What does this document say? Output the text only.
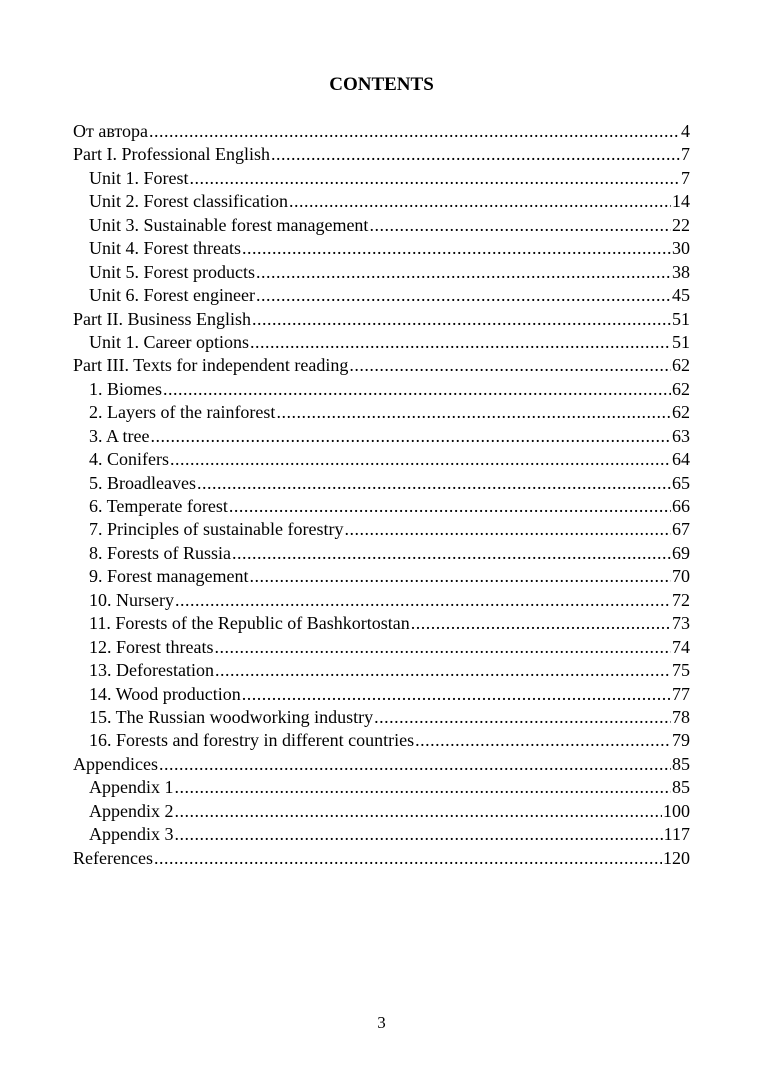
CONTENTS
От автора .....	4
Part I. Professional English .....	7
Unit 1. Forest .....	7
Unit 2. Forest classification .....	14
Unit 3. Sustainable forest management .....	22
Unit 4. Forest threats .....	30
Unit 5. Forest products .....	38
Unit 6. Forest engineer .....	45
Part II. Business English .....	51
Unit 1. Career options .....	51
Part III. Texts for independent reading .....	62
1. Biomes .....	62
2. Layers of the rainforest .....	62
3. A tree .....	63
4. Conifers .....	64
5. Broadleaves .....	65
6. Temperate forest .....	66
7. Principles of sustainable forestry .....	67
8. Forests of Russia .....	69
9. Forest management .....	70
10. Nursery .....	72
11. Forests of the Republic of Bashkortostan .....	73
12. Forest threats .....	74
13. Deforestation .....	75
14. Wood production .....	77
15. The Russian woodworking industry .....	78
16. Forests and forestry in different countries .....	79
Appendices .....	85
Appendix 1 .....	85
Appendix 2 .....	100
Appendix 3 .....	117
References .....	120
3
